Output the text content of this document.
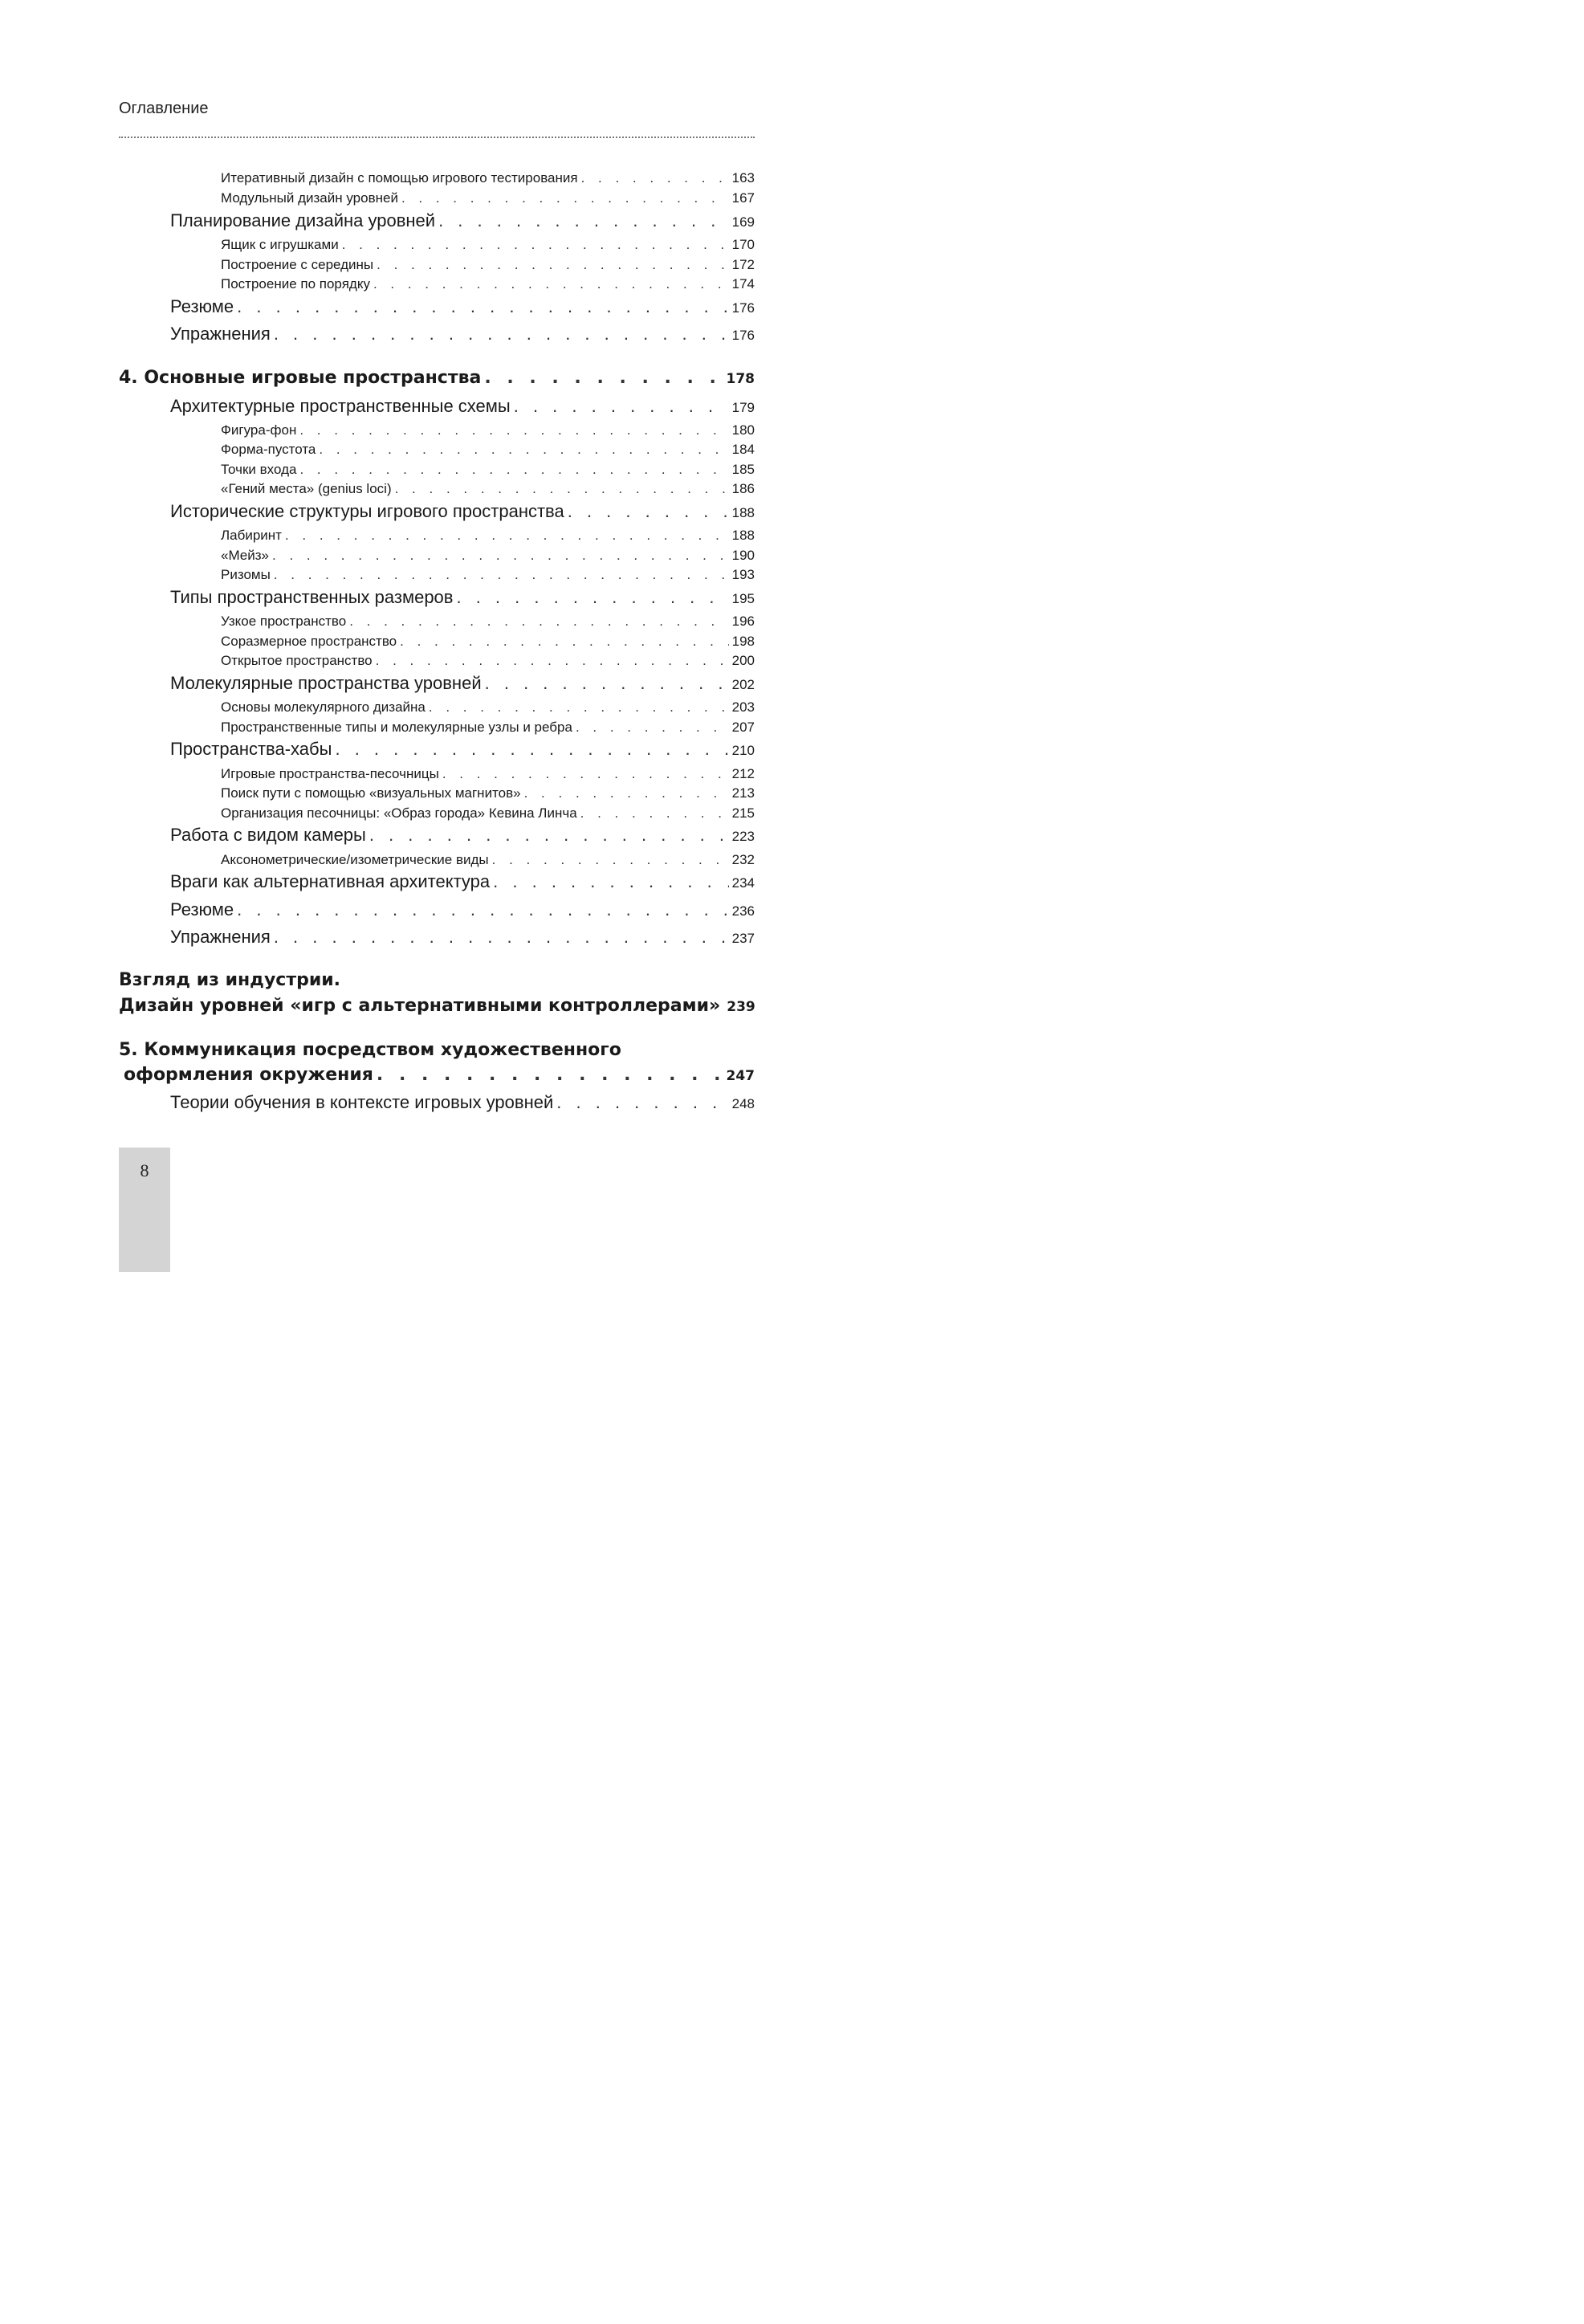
Оглавление
Итеративный дизайн с помощью игрового тестирования . . .	163
Модульный дизайн уровней . . .	167
Планирование дизайна уровней . . .	169
Ящик с игрушками . . .	170
Построение с середины . . .	172
Построение по порядку . . .	174
Резюме . . .	176
Упражнения . . .	176
4. Основные игровые пространства . . .	178
Архитектурные пространственные схемы . . .	179
Фигура-фон . . .	180
Форма-пустота . . .	184
Точки входа . . .	185
«Гений места» (genius loci) . . .	186
Исторические структуры игрового пространства . . .	188
Лабиринт . . .	188
«Мейз» . . .	190
Ризомы . . .	193
Типы пространственных размеров . . .	195
Узкое пространство . . .	196
Соразмерное пространство . . .	198
Открытое пространство . . .	200
Молекулярные пространства уровней . . .	202
Основы молекулярного дизайна . . .	203
Пространственные типы и молекулярные узлы и ребра . . .	207
Пространства-хабы . . .	210
Игровые пространства-песочницы . . .	212
Поиск пути с помощью «визуальных магнитов» . . .	213
Организация песочницы: «Образ города» Кевина Линча . . .	215
Работа с видом камеры . . .	223
Аксонометрические/изометрические виды . . .	232
Враги как альтернативная архитектура . . .	234
Резюме . . .	236
Упражнения . . .	237
Взгляд из индустрии.
Дизайн уровней «игр с альтернативными контроллерами» 239
5. Коммуникация посредством художественного
оформления окружения . . .	247
Теории обучения в контексте игровых уровней . . .	248
8
